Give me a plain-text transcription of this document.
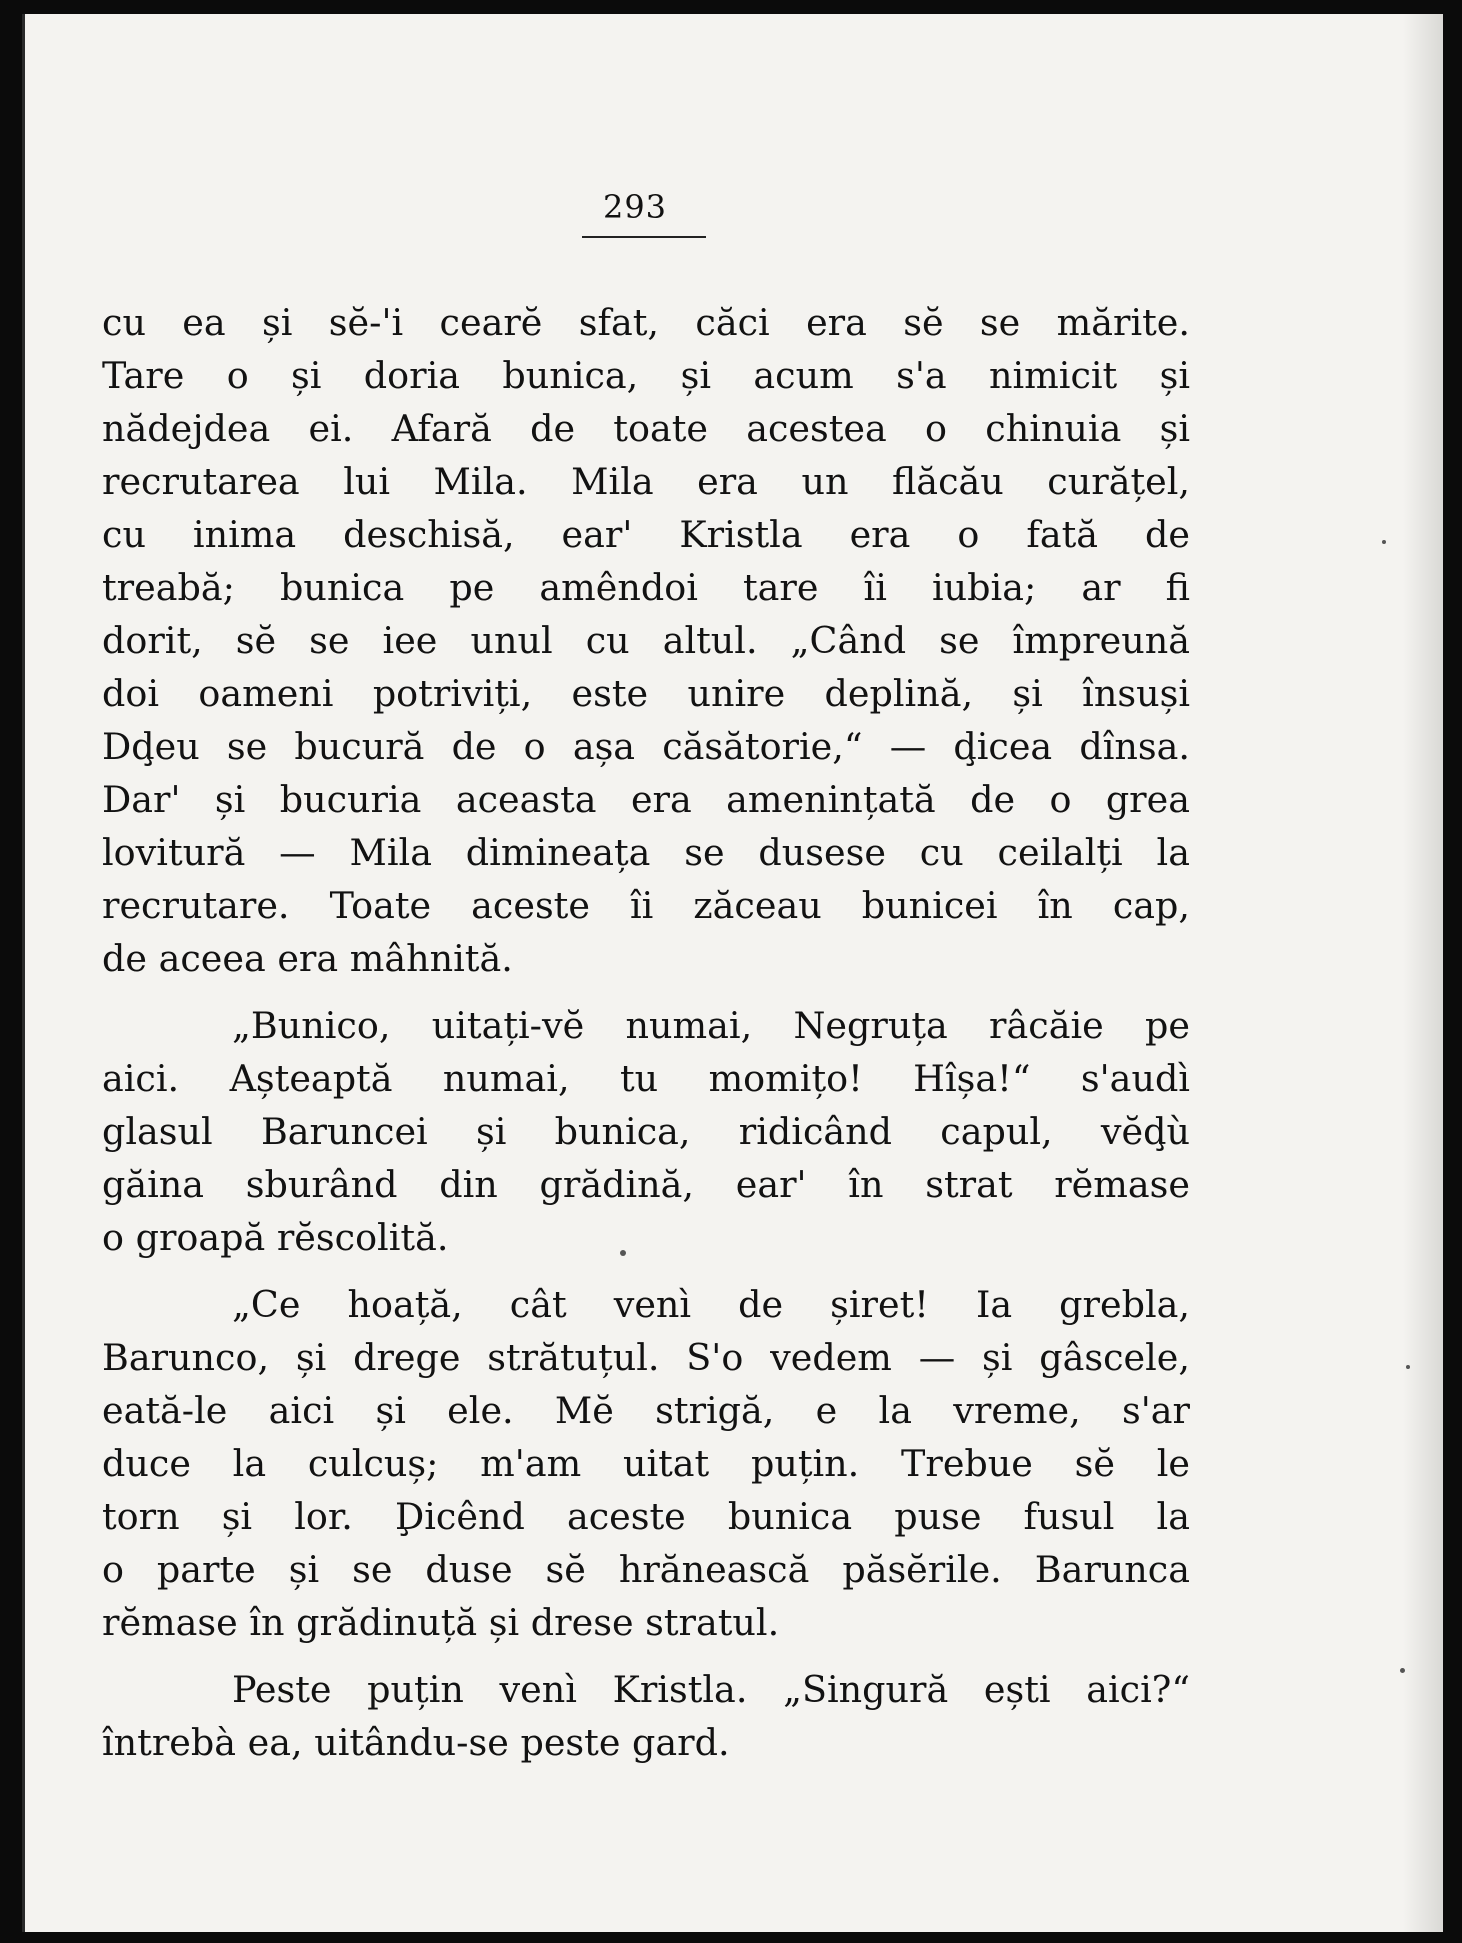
293
cu ea și sĕ-'i cearĕ sfat, căci era sĕ se mărite.
Tare o și doria bunica, și acum s'a nimicit și
nădejdea ei. Afară de toate acestea o chinuia și
recrutarea lui Mila. Mila era un flăcău curățel,
cu inima deschisă, ear' Kristla era o fată de
treabă; bunica pe amêndoi tare îi iubia; ar fi
dorit, sĕ se iee unul cu altul. „Când se împreună
doi oameni potriviți, este unire deplină, și însuși
Dḑeu se bucură de o așa căsătorie,“ — ḑicea dînsa.
Dar' și bucuria aceasta era amenințată de o grea
lovitură — Mila dimineața se dusese cu ceilalți la
recrutare. Toate aceste îi zăceau bunicei în cap,
de aceea era mâhnită.
„Bunico, uitați-vĕ numai, Negruța râcăie pe
aici. Așteaptă numai, tu momițo! Hîșa!“ s'audì
glasul Baruncei și bunica, ridicând capul, vĕḑù
găina sburând din grădină, ear' în strat rĕmase
o groapă rĕscolită.
„Ce hoață, cât venì de șiret! Ia grebla,
Barunco, și drege strătuțul. S'o vedem — și gâscele,
eată-le aici și ele. Mĕ strigă, e la vreme, s'ar
duce la culcuș; m'am uitat puțin. Trebue sĕ le
torn și lor. Ḑicênd aceste bunica puse fusul la
o parte și se duse sĕ hrănească păsĕrile. Barunca
rĕmase în grădinuță și drese stratul.
Peste puțin venì Kristla. „Singură ești aici?“
întrebà ea, uitându-se peste gard.
